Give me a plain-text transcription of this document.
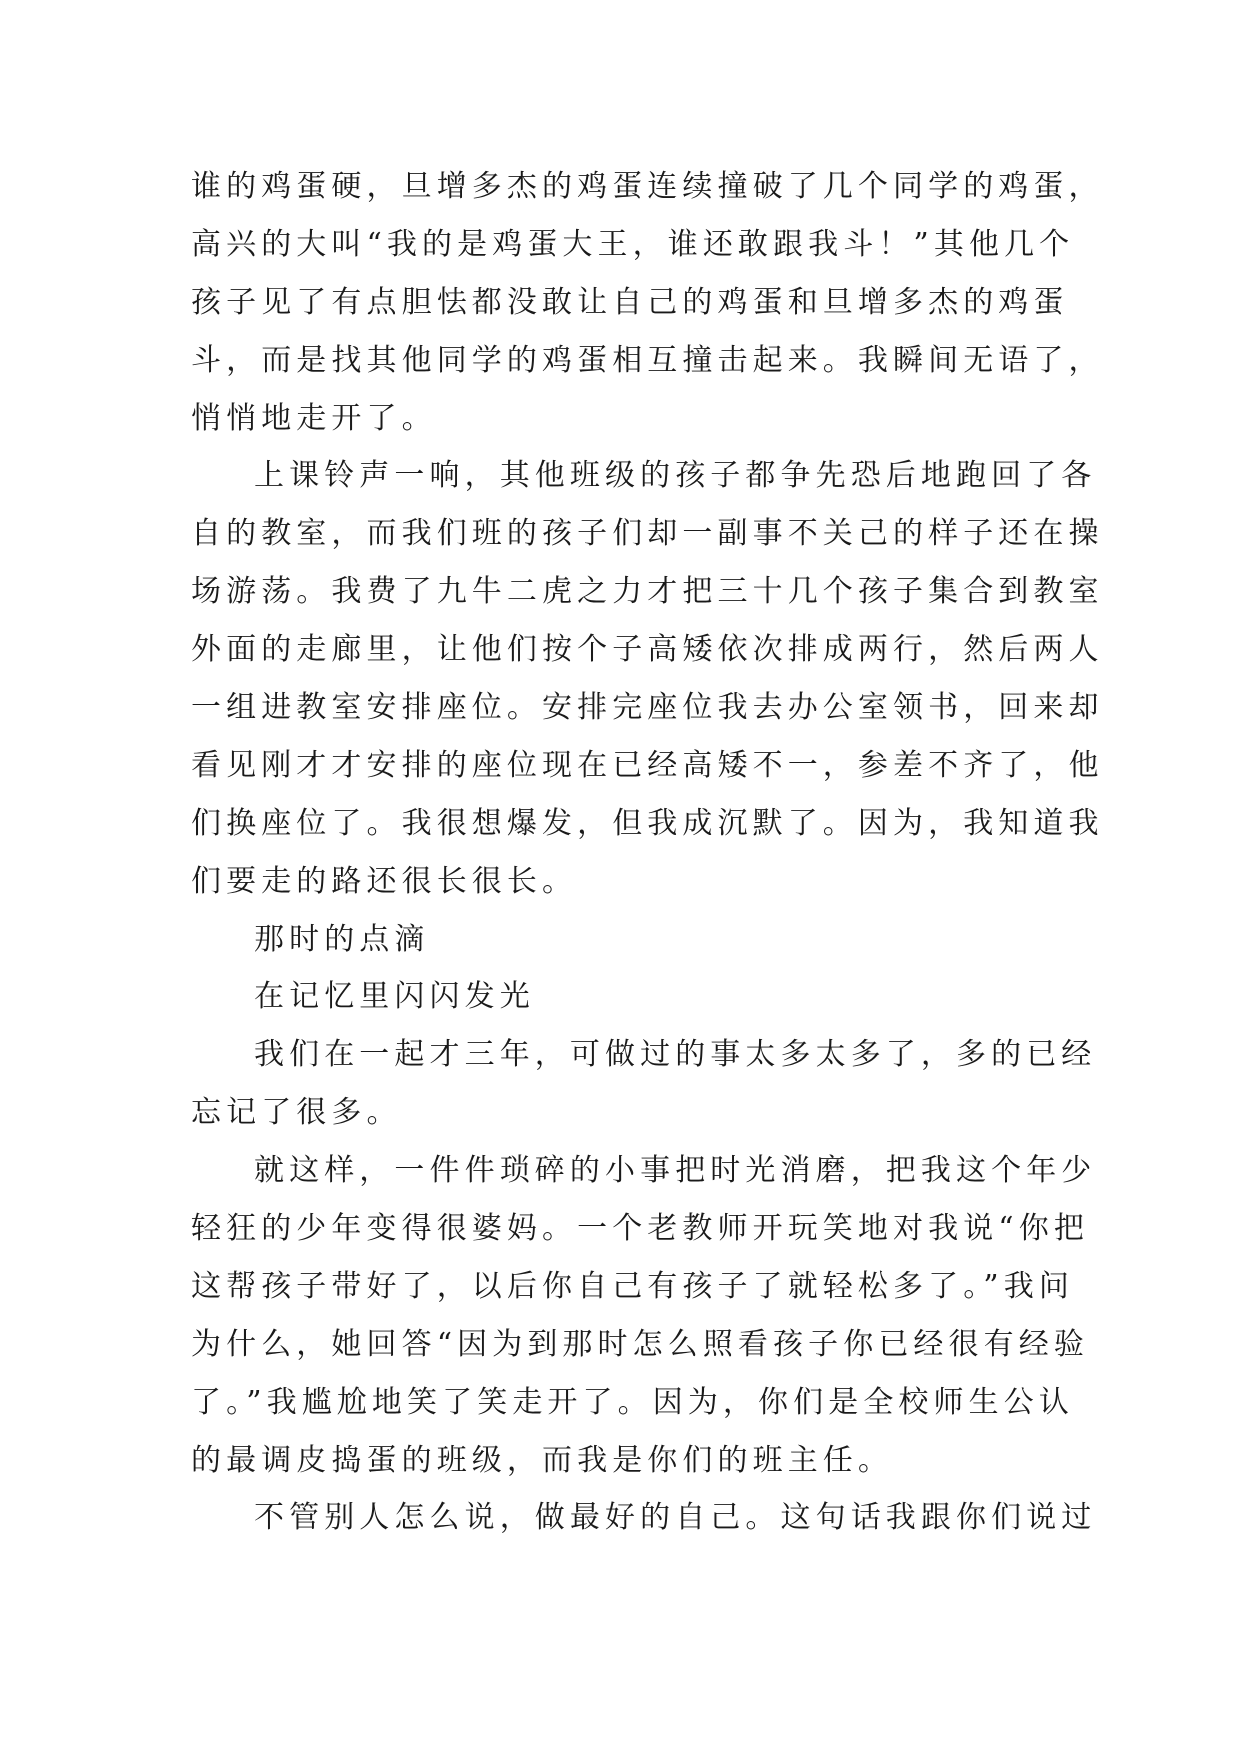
谁的鸡蛋硬，旦增多杰的鸡蛋连续撞破了几个同学的鸡蛋，
高兴的大叫“我的是鸡蛋大王，谁还敢跟我斗！”其他几个
孩子见了有点胆怯都没敢让自己的鸡蛋和旦增多杰的鸡蛋
斗，而是找其他同学的鸡蛋相互撞击起来。我瞬间无语了，
悄悄地走开了。
上课铃声一响，其他班级的孩子都争先恐后地跑回了各
自的教室，而我们班的孩子们却一副事不关己的样子还在操
场游荡。我费了九牛二虎之力才把三十几个孩子集合到教室
外面的走廊里，让他们按个子高矮依次排成两行，然后两人
一组进教室安排座位。安排完座位我去办公室领书，回来却
看见刚才才安排的座位现在已经高矮不一，参差不齐了，他
们换座位了。我很想爆发，但我成沉默了。因为，我知道我
们要走的路还很长很长。
那时的点滴
在记忆里闪闪发光
我们在一起才三年，可做过的事太多太多了，多的已经
忘记了很多。
就这样，一件件琐碎的小事把时光消磨，把我这个年少
轻狂的少年变得很婆妈。一个老教师开玩笑地对我说“你把
这帮孩子带好了，以后你自己有孩子了就轻松多了。”我问
为什么，她回答“因为到那时怎么照看孩子你已经很有经验
了。”我尴尬地笑了笑走开了。因为，你们是全校师生公认
的最调皮捣蛋的班级，而我是你们的班主任。
不管别人怎么说，做最好的自己。这句话我跟你们说过
